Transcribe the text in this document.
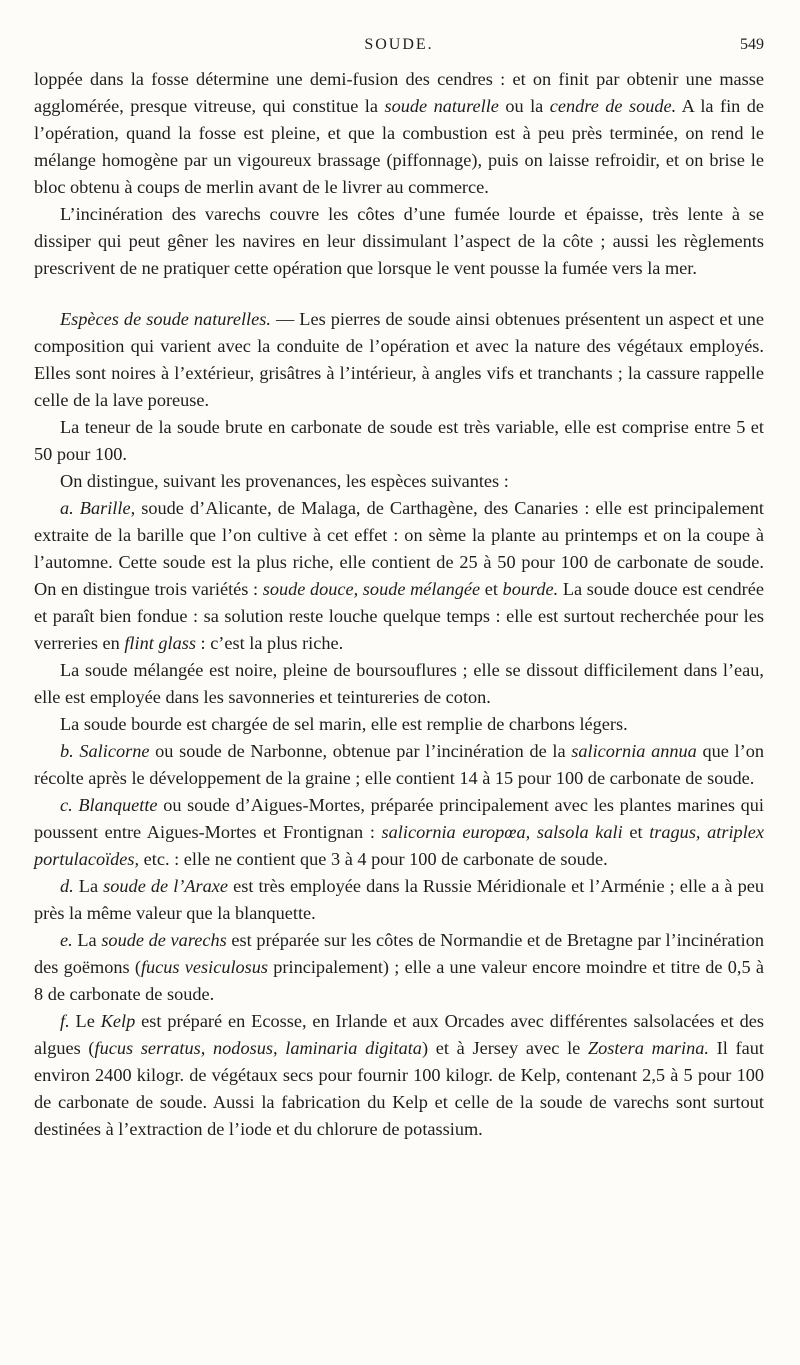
SOUDE.	549

loppée dans la fosse détermine une demi-fusion des cendres : et on finit par obtenir une masse agglomérée, presque vitreuse, qui constitue la soude naturelle ou la cendre de soude. A la fin de l’opération, quand la fosse est pleine, et que la combustion est à peu près terminée, on rend le mélange homogène par un vigoureux brassage (piffonnage), puis on laisse refroidir, et on brise le bloc obtenu à coups de merlin avant de le livrer au commerce.

L’incinération des varechs couvre les côtes d’une fumée lourde et épaisse, très lente à se dissiper qui peut gêner les navires en leur dissimulant l’aspect de la côte ; aussi les règlements prescrivent de ne pratiquer cette opération que lorsque le vent pousse la fumée vers la mer.

Espèces de soude naturelles. — Les pierres de soude ainsi obtenues présentent un aspect et une composition qui varient avec la conduite de l’opération et avec la nature des végétaux employés. Elles sont noires à l’extérieur, grisâtres à l’intérieur, à angles vifs et tranchants ; la cassure rappelle celle de la lave poreuse.

La teneur de la soude brute en carbonate de soude est très variable, elle est comprise entre 5 et 50 pour 100.

On distingue, suivant les provenances, les espèces suivantes :

a. Barille, soude d’Alicante, de Malaga, de Carthagène, des Canaries : elle est principalement extraite de la barille que l’on cultive à cet effet : on sème la plante au printemps et on la coupe à l’automne. Cette soude est la plus riche, elle contient de 25 à 50 pour 100 de carbonate de soude. On en distingue trois variétés : soude douce, soude mélangée et bourde. La soude douce est cendrée et paraît bien fondue : sa solution reste louche quelque temps : elle est surtout recherchée pour les verreries en flint glass : c’est la plus riche.

La soude mélangée est noire, pleine de boursouflures ; elle se dissout difficilement dans l’eau, elle est employée dans les savonneries et teintureries de coton.

La soude bourde est chargée de sel marin, elle est remplie de charbons légers.

b. Salicorne ou soude de Narbonne, obtenue par l’incinération de la salicornia annua que l’on récolte après le développement de la graine ; elle contient 14 à 15 pour 100 de carbonate de soude.

c. Blanquette ou soude d’Aigues-Mortes, préparée principalement avec les plantes marines qui poussent entre Aigues-Mortes et Frontignan : salicornia europœa, salsola kali et tragus, atriplex portulacoïdes, etc. : elle ne contient que 3 à 4 pour 100 de carbonate de soude.

d. La soude de l’Araxe est très employée dans la Russie Méridionale et l’Arménie ; elle a à peu près la même valeur que la blanquette.

e. La soude de varechs est préparée sur les côtes de Normandie et de Bretagne par l’incinération des goëmons (fucus vesiculosus principalement) ; elle a une valeur encore moindre et titre de 0,5 à 8 de carbonate de soude.

f. Le Kelp est préparé en Ecosse, en Irlande et aux Orcades avec différentes salsolacées et des algues (fucus serratus, nodosus, laminaria digitata) et à Jersey avec le Zostera marina. Il faut environ 2400 kilogr. de végétaux secs pour fournir 100 kilogr. de Kelp, contenant 2,5 à 5 pour 100 de carbonate de soude. Aussi la fabrication du Kelp et celle de la soude de varechs sont surtout destinées à l’extraction de l’iode et du chlorure de potassium.
